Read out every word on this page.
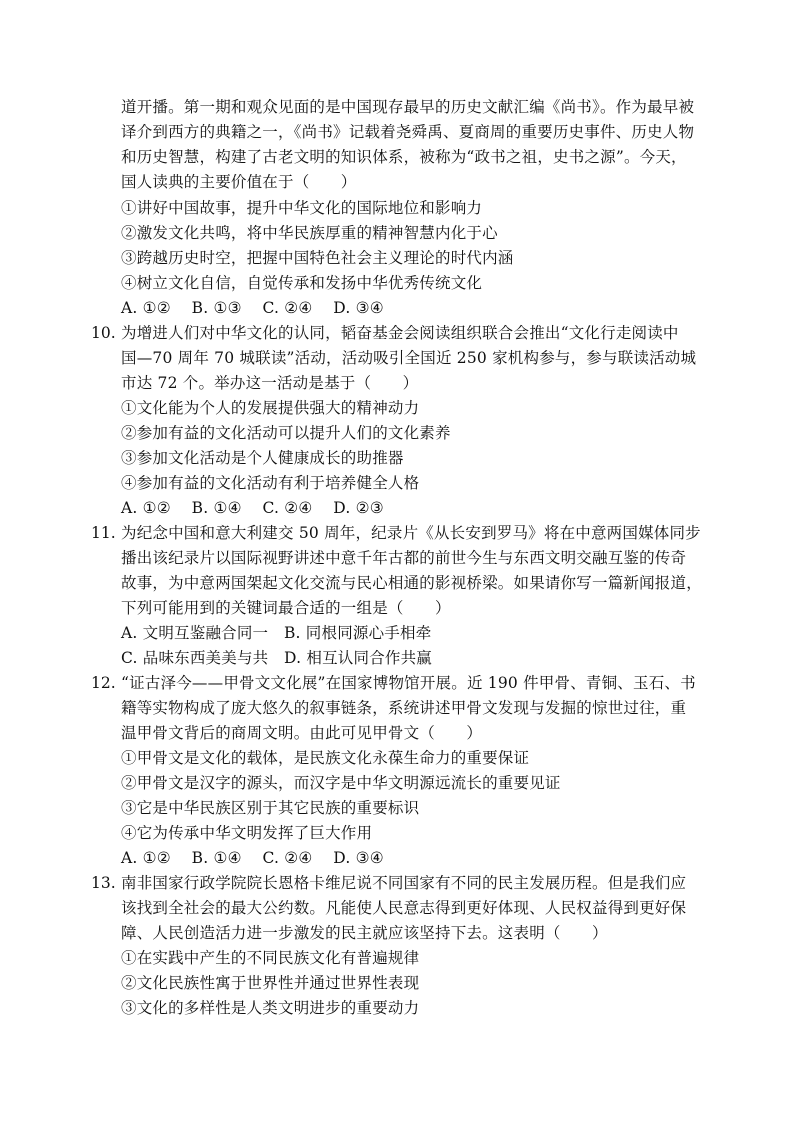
道开播。第一期和观众见面的是中国现存最早的历史文献汇编《尚书》。作为最早被
译介到西方的典籍之一，《尚书》记载着尧舜禹、夏商周的重要历史事件、历史人物
和历史智慧，构建了古老文明的知识体系，被称为“政书之祖，史书之源”。今天，
国人读典的主要价值在于（　　）
①讲好中国故事，提升中华文化的国际地位和影响力
②激发文化共鸣，将中华民族厚重的精神智慧内化于心
③跨越历史时空，把握中国特色社会主义理论的时代内涵
④树立文化自信，自觉传承和发扬中华优秀传统文化
A. ①②　 B. ①③　 C. ②④　 D. ③④
10. 为增进人们对中华文化的认同，韬奋基金会阅读组织联合会推出“文化行走阅读中
国—70 周年 70 城联读”活动，活动吸引全国近 250 家机构参与，参与联读活动城
市达 72 个。举办这一活动是基于（　　）
①文化能为个人的发展提供强大的精神动力
②参加有益的文化活动可以提升人们的文化素养
③参加文化活动是个人健康成长的助推器
④参加有益的文化活动有利于培养健全人格
A. ①②　 B. ①④　 C. ②④　 D. ②③
11. 为纪念中国和意大利建交 50 周年，纪录片《从长安到罗马》将在中意两国媒体同步
播出该纪录片以国际视野讲述中意千年古都的前世今生与东西文明交融互鉴的传奇
故事，为中意两国架起文化交流与民心相通的影视桥梁。如果请你写一篇新闻报道，
下列可能用到的关键词最合适的一组是（　　）
A. 文明互鉴融合同一　B. 同根同源心手相牵
C. 品味东西美美与共　D. 相互认同合作共赢
12. “证古泽今——甲骨文文化展”在国家博物馆开展。近 190 件甲骨、青铜、玉石、书
籍等实物构成了庞大悠久的叙事链条，系统讲述甲骨文发现与发掘的惊世过往，重
温甲骨文背后的商周文明。由此可见甲骨文（　　）
①甲骨文是文化的载体，是民族文化永葆生命力的重要保证
②甲骨文是汉字的源头，而汉字是中华文明源远流长的重要见证
③它是中华民族区别于其它民族的重要标识
④它为传承中华文明发挥了巨大作用
A. ①②　 B. ①④　 C. ②④　 D. ③④
13. 南非国家行政学院院长恩格卡维尼说不同国家有不同的民主发展历程。但是我们应
该找到全社会的最大公约数。凡能使人民意志得到更好体现、人民权益得到更好保
障、人民创造活力进一步激发的民主就应该坚持下去。这表明（　　）
①在实践中产生的不同民族文化有普遍规律
②文化民族性寓于世界性并通过世界性表现
③文化的多样性是人类文明进步的重要动力
